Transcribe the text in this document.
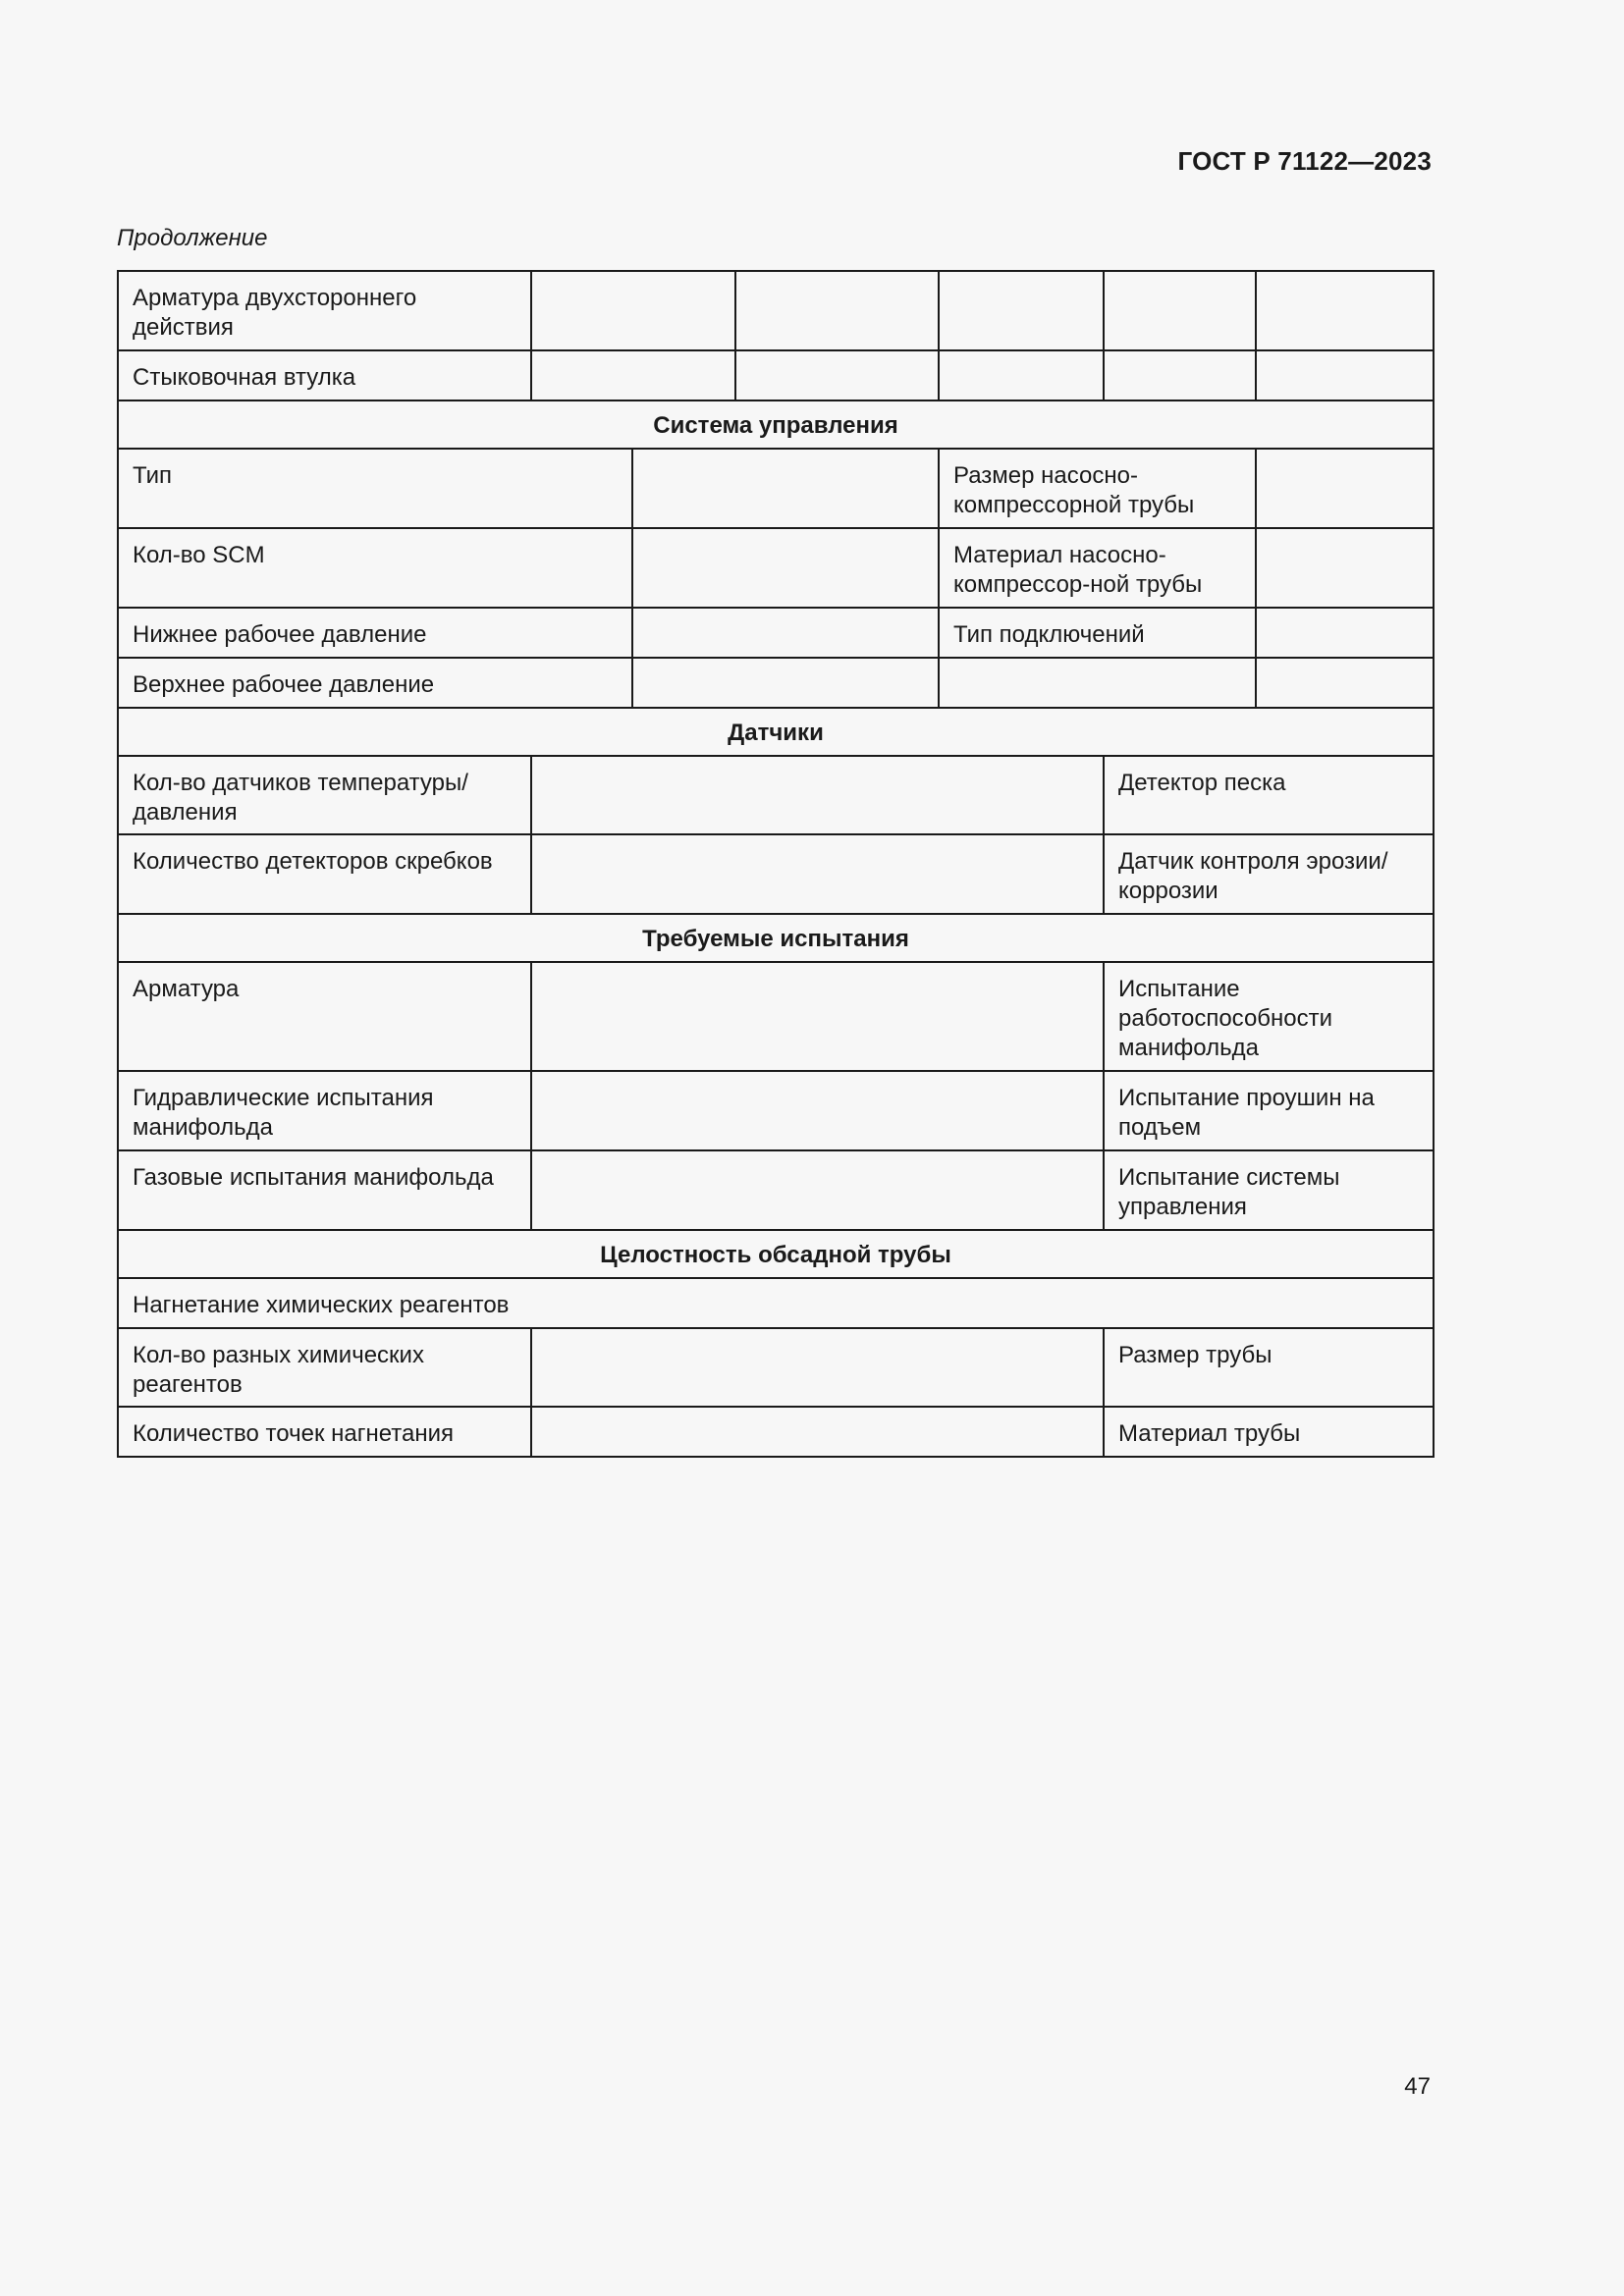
ГОСТ Р 71122—2023
Продолжение
Арматура двухстороннего действия						
Стыковочная втулка						
Система управления						
Тип				Размер насосно-компрессорной трубы		
Кол-во SCM				Материал насосно-компрессор-ной трубы		
Нижнее рабочее давление				Тип подключений		
Верхнее рабочее давление						
Датчики						
Кол-во датчиков температуры/давления					Детектор песка	
Количество детекторов скребков					Датчик контроля эрозии/ коррозии	
Требуемые испытания						
Арматура					Испытание работоспособности манифольда	
Гидравлические испытания манифольда					Испытание проушин на подъем	
Газовые испытания манифольда					Испытание системы управления	
Целостность обсадной трубы						
Нагнетание химических реагентов						
Кол-во разных химических реагентов					Размер трубы	
Количество точек нагнетания					Материал трубы	
47
